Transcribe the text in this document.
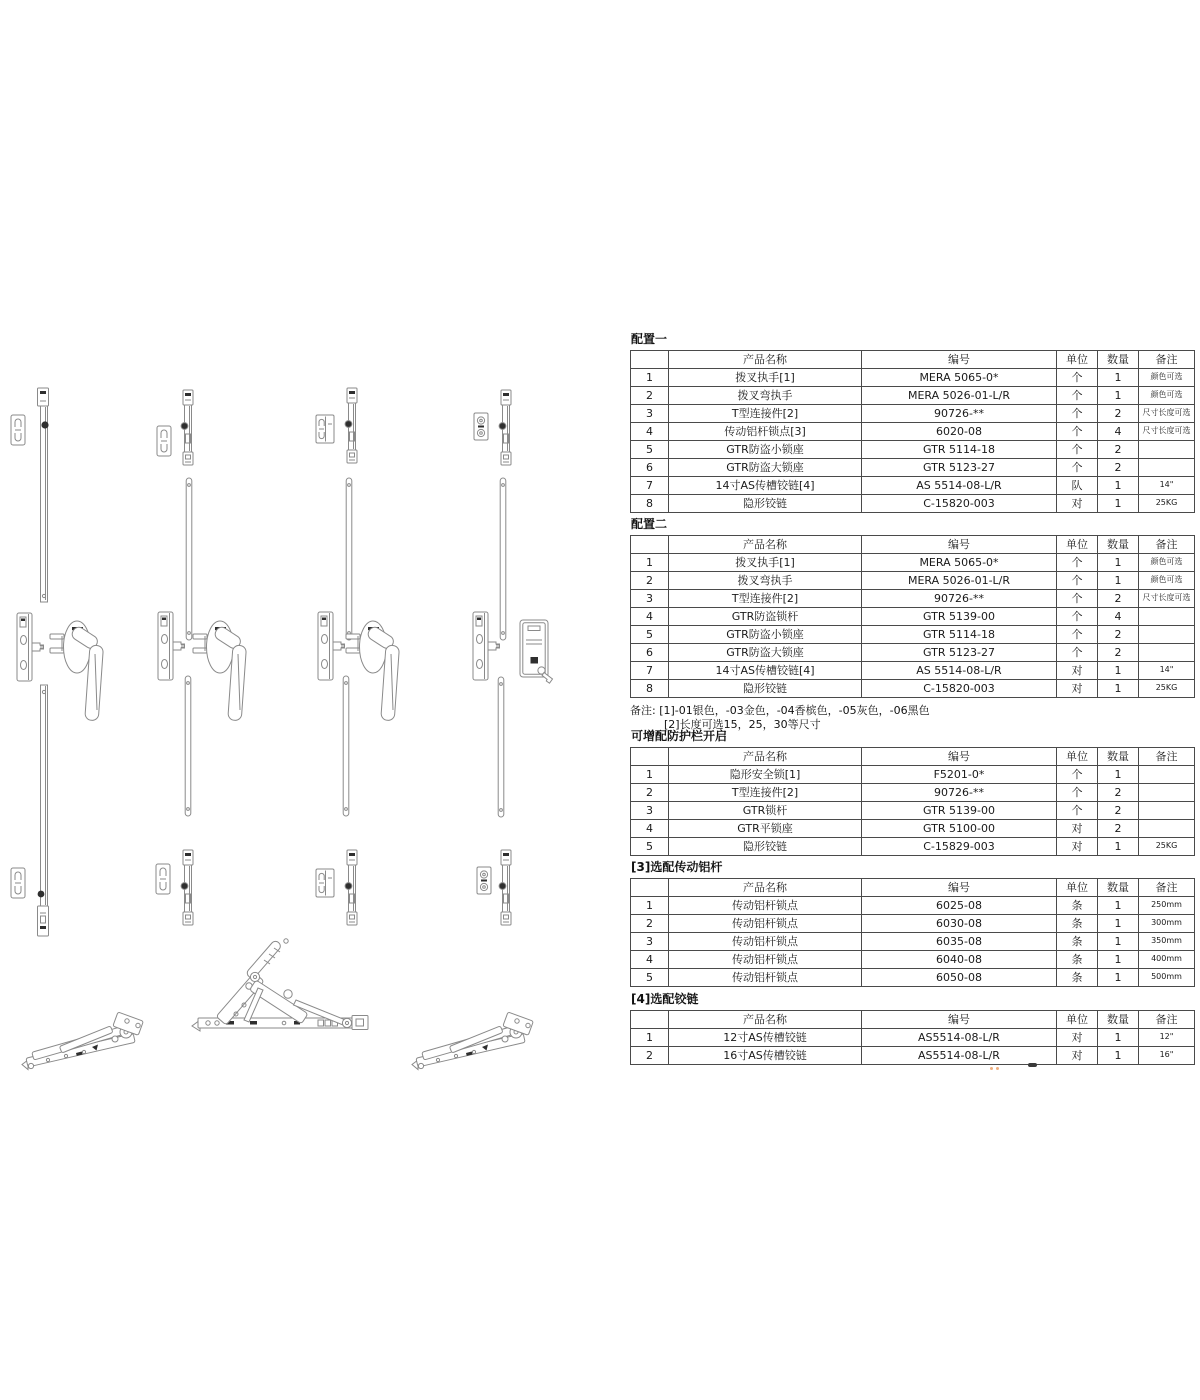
配置一
	产品名称	编号	单位	数量	备注
1	拨叉执手[1]	MERA 5065-0*	个	1	颜色可选
2	拨叉弯执手	MERA 5026-01-L/R	个	1	颜色可选
3	T型连接件[2]	90726-**	个	2	尺寸长度可选
4	传动铝杆锁点[3]	6020-08	个	4	尺寸长度可选
5	GTR防盗小锁座	GTR 5114-18	个	2	
6	GTR防盗大锁座	GTR 5123-27	个	2	
7	14寸AS传槽铰链[4]	AS 5514-08-L/R	队	1	14"
8	隐形铰链	C-15820-003	对	1	25KG
配置二
	产品名称	编号	单位	数量	备注
1	拨叉执手[1]	MERA 5065-0*	个	1	颜色可选
2	拨叉弯执手	MERA 5026-01-L/R	个	1	颜色可选
3	T型连接件[2]	90726-**	个	2	尺寸长度可选
4	GTR防盗锁杆	GTR 5139-00	个	4	
5	GTR防盗小锁座	GTR 5114-18	个	2	
6	GTR防盗大锁座	GTR 5123-27	个	2	
7	14寸AS传槽铰链[4]	AS 5514-08-L/R	对	1	14"
8	隐形铰链	C-15820-003	对	1	25KG
备注: [1]-01银色，-03金色，-04香槟色，-05灰色，-06黑色
[2]长度可选15，25，30等尺寸
可增配防护栏开启
	产品名称	编号	单位	数量	备注
1	隐形安全锁[1]	F5201-0*	个	1	
2	T型连接件[2]	90726-**	个	2	
3	GTR锁杆	GTR 5139-00	个	2	
4	GTR平锁座	GTR 5100-00	对	2	
5	隐形铰链	C-15829-003	对	1	25KG
[3]选配传动铝杆
	产品名称	编号	单位	数量	备注
1	传动铝杆锁点	6025-08	条	1	250mm
2	传动铝杆锁点	6030-08	条	1	300mm
3	传动铝杆锁点	6035-08	条	1	350mm
4	传动铝杆锁点	6040-08	条	1	400mm
5	传动铝杆锁点	6050-08	条	1	500mm
[4]选配铰链
	产品名称	编号	单位	数量	备注
1	12寸AS传槽铰链	AS5514-08-L/R	对	1	12"
2	16寸AS传槽铰链	AS5514-08-L/R	对	1	16"
